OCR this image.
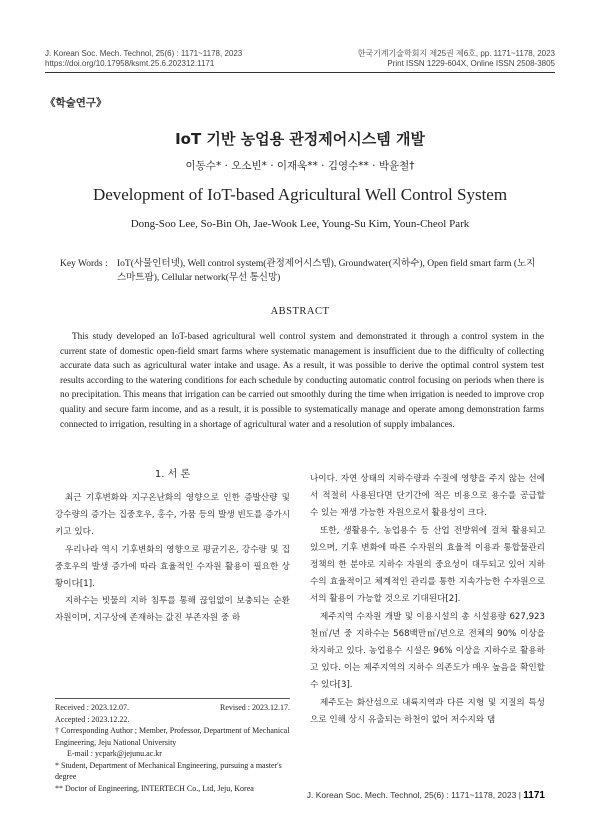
J. Korean Soc. Mech. Technol, 25(6) : 1171~1178, 2023
https://doi.org/10.17958/ksmt.25.6.202312.1171
한국기계기술학회지 제25권 제6호, pp. 1171~1178, 2023
Print ISSN 1229-604X, Online ISSN 2508-3805
《학술연구》
IoT 기반 농업용 관정제어시스템 개발
이동수* · 오소빈* · 이재욱** · 김영수** · 박윤철†
Development of IoT-based Agricultural Well Control System
Dong-Soo Lee, So-Bin Oh, Jae-Wook Lee, Young-Su Kim, Youn-Cheol Park
Key Words : IoT(사물인터넷), Well control system(관정제어시스템), Groundwater(지하수), Open field smart farm (노지 스마트팜), Cellular network(무선 통신망)
ABSTRACT
This study developed an IoT-based agricultural well control system and demonstrated it through a control system in the current state of domestic open-field smart farms where systematic management is insufficient due to the difficulty of collecting accurate data such as agricultural water intake and usage. As a result, it was possible to derive the optimal control system test results according to the watering conditions for each schedule by conducting automatic control focusing on periods when there is no precipitation. This means that irrigation can be carried out smoothly during the time when irrigation is needed to improve crop quality and secure farm income, and as a result, it is possible to systematically manage and operate among demonstration farms connected to irrigation, resulting in a shortage of agricultural water and a resolution of supply imbalances.
1. 서 론

최근 기후변화와 지구온난화의 영향으로 인한 증발산량 및 강수량의 증가는 집중호우, 홍수, 가뭄 등의 발생 빈도를 증가시키고 있다.

우리나라 역시 기후변화의 영향으로 평균기온, 강수량 및 집중호우의 발생 증가에 따라 효율적인 수자원 활용이 필요한 상황이다[1].

지하수는 빗물의 지하 침투를 통해 끊임없이 보충되는 순환자원이며, 지구상에 존재하는 값진 부존자원 중 하

Received : 2023.12.07.	Revised : 2023.12.17.
Accepted : 2023.12.22.
† Corresponding Author ; Member, Professor, Department of Mechanical Engineering, Jeju National University
E-mail : ycpark@jejunu.ac.kr
* Student, Department of Mechanical Engineering, pursuing a master's degree
** Doctor of Engineering, INTERTECH Co., Ltd, Jeju, Korea

나이다. 자연 상태의 지하수량과 수질에 영향을 주지 않는 선에서 적절히 사용된다면 단기간에 적은 비용으로 용수를 공급할 수 있는 재생 가능한 자원으로서 활용성이 크다.

또한, 생활용수, 농업용수 등 산업 전방위에 걸쳐 활용되고 있으며, 기후 변화에 따른 수자원의 효율적 이용과 통합물관리 정책의 한 분야로 지하수 자원의 중요성이 대두되고 있어 지하수의 효율적이고 체계적인 관리를 통한 지속가능한 수자원으로서의 활용이 가능할 것으로 기대된다[2].

제주지역 수자원 개발 및 이용시설의 총 시설용량 627,923천㎥/년 중 지하수는 568백만㎥/년으로 전체의 90% 이상을 차지하고 있다. 농업용수 시설은 96% 이상을 지하수로 활용하고 있다. 이는 제주지역의 지하수 의존도가 매우 높음을 확인할 수 있다[3].

제주도는 화산섬으로 내륙지역과 다른 지형 및 지질의 특성으로 인해 상시 유출되는 하천이 없어 저수지와 댐

J. Korean Soc. Mech. Technol, 25(6) : 1171~1178, 2023 | 1171
